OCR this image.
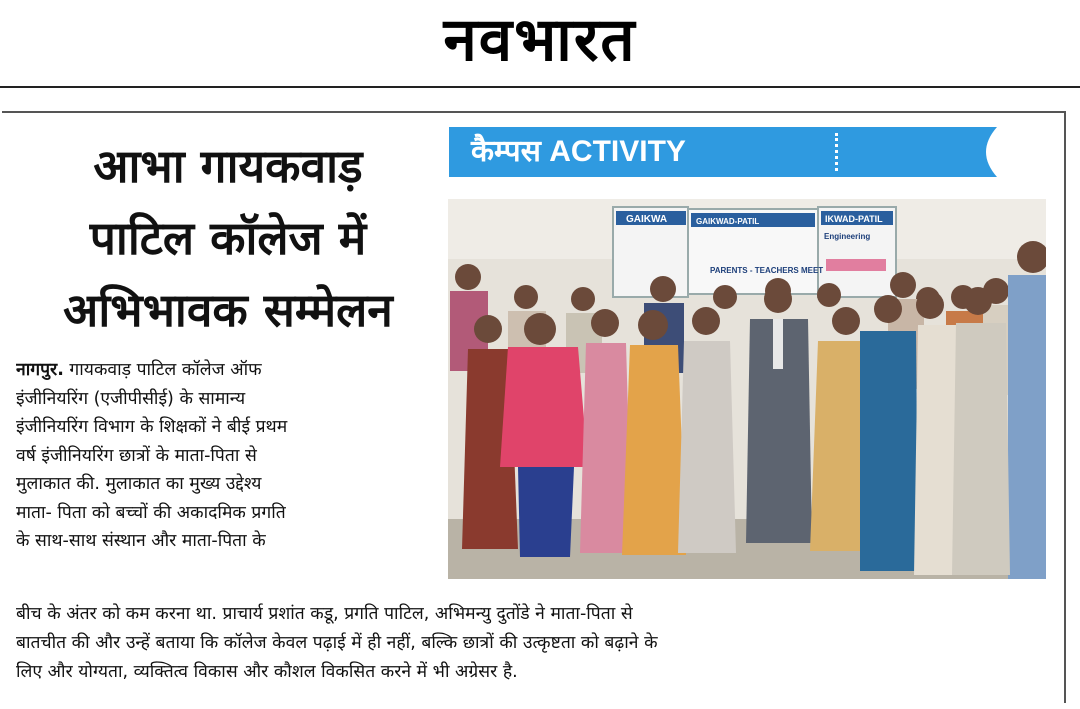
नवभारत
आभा गायकवाड़
पाटिल कॉलेज में
अभिभावक सम्मेलन
कैम्पस ACTIVITY
GAIKWA	GAIKWAD-PATIL	IKWAD-PATIL
PARENTS - TEACHERS MEET
Engineering
नागपुर. गायकवाड़ पाटिल कॉलेज ऑफ
इंजीनियरिंग (एजीपीसीई) के सामान्य
इंजीनियरिंग विभाग के शिक्षकों ने बीई प्रथम
वर्ष इंजीनियरिंग छात्रों के माता-पिता से
मुलाकात की. मुलाकात का मुख्य उद्देश्य
माता- पिता को बच्चों की अकादमिक प्रगति
के साथ-साथ संस्थान और माता-पिता के
बीच के अंतर को कम करना था. प्राचार्य प्रशांत कडू, प्रगति पाटिल, अभिमन्यु दुतोंडे ने माता-पिता से
बातचीत की और उन्हें बताया कि कॉलेज केवल पढ़ाई में ही नहीं, बल्कि छात्रों की उत्कृष्टता को बढ़ाने के
लिए और योग्यता, व्यक्तित्व विकास और कौशल विकसित करने में भी अग्रेसर है.
